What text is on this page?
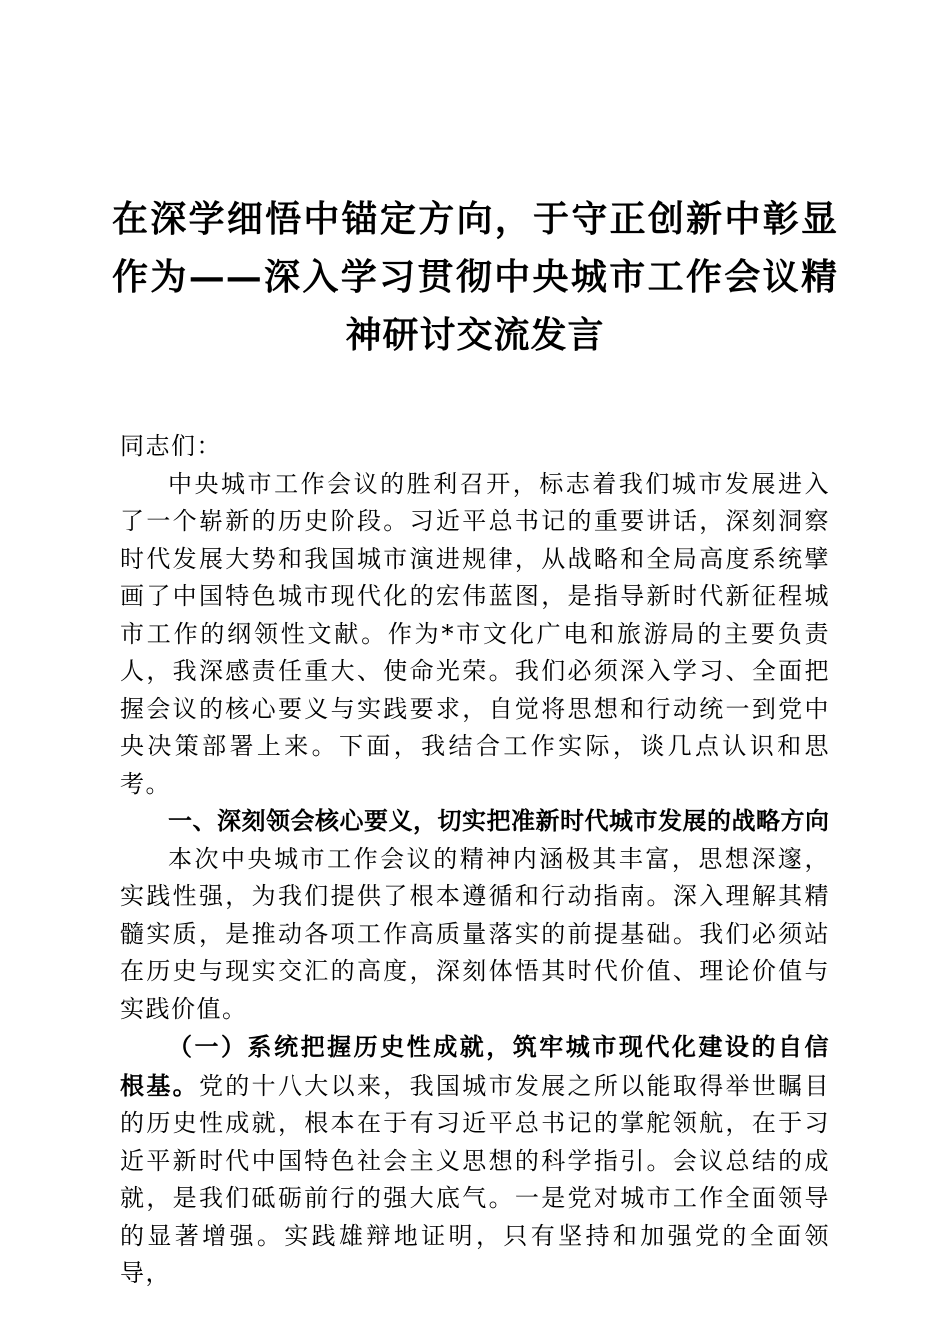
在深学细悟中锚定方向，于守正创新中彰显作为——深入学习贯彻中央城市工作会议精神研讨交流发言

同志们：

中央城市工作会议的胜利召开，标志着我们城市发展进入了一个崭新的历史阶段。习近平总书记的重要讲话，深刻洞察时代发展大势和我国城市演进规律，从战略和全局高度系统擘画了中国特色城市现代化的宏伟蓝图，是指导新时代新征程城市工作的纲领性文献。作为*市文化广电和旅游局的主要负责人，我深感责任重大、使命光荣。我们必须深入学习、全面把握会议的核心要义与实践要求，自觉将思想和行动统一到党中央决策部署上来。下面，我结合工作实际，谈几点认识和思考。

一、深刻领会核心要义，切实把准新时代城市发展的战略方向

本次中央城市工作会议的精神内涵极其丰富，思想深邃，实践性强，为我们提供了根本遵循和行动指南。深入理解其精髓实质，是推动各项工作高质量落实的前提基础。我们必须站在历史与现实交汇的高度，深刻体悟其时代价值、理论价值与实践价值。

（一）系统把握历史性成就，筑牢城市现代化建设的自信根基。党的十八大以来，我国城市发展之所以能取得举世瞩目的历史性成就，根本在于有习近平总书记的掌舵领航，在于习近平新时代中国特色社会主义思想的科学指引。会议总结的成就，是我们砥砺前行的强大底气。一是党对城市工作全面领导的显著增强。实践雄辩地证明，只有坚持和加强党的全面领导，
